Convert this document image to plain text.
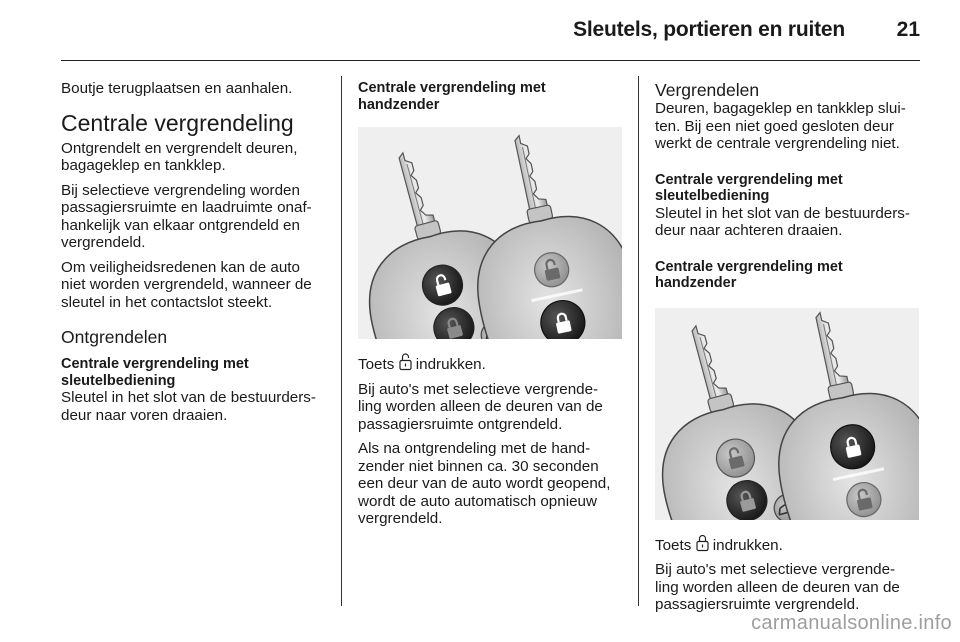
Sleutels, portieren en ruiten	21

Boutje terugplaatsen en aanhalen.

Centrale vergrendeling

Ontgrendelt en vergrendelt deuren,
bagageklep en tankklep.

Bij selectieve vergrendeling worden
passagiersruimte en laadruimte onaf-
hankelijk van elkaar ontgrendeld en
vergrendeld.

Om veiligheidsredenen kan de auto
niet worden vergrendeld, wanneer de
sleutel in het contactslot steekt.

Ontgrendelen
Centrale vergrendeling met
sleutelbediening

Sleutel in het slot van de bestuurders-
deur naar voren draaien.

Centrale vergrendeling met
handzender

Toets  indrukken.

Bij auto's met selectieve vergrende-
ling worden alleen de deuren van de
passagiersruimte ontgrendeld.

Als na ontgrendeling met de hand-
zender niet binnen ca. 30 seconden
een deur van de auto wordt geopend,
wordt de auto automatisch opnieuw
vergrendeld.

Vergrendelen

Deuren, bagageklep en tankklep slui-
ten. Bij een niet goed gesloten deur
werkt de centrale vergrendeling niet.

Centrale vergrendeling met
sleutelbediening

Sleutel in het slot van de bestuurders-
deur naar achteren draaien.

Centrale vergrendeling met
handzender

Toets  indrukken.

Bij auto's met selectieve vergrende-
ling worden alleen de deuren van de
passagiersruimte vergrendeld.

carmanualsonline.info
